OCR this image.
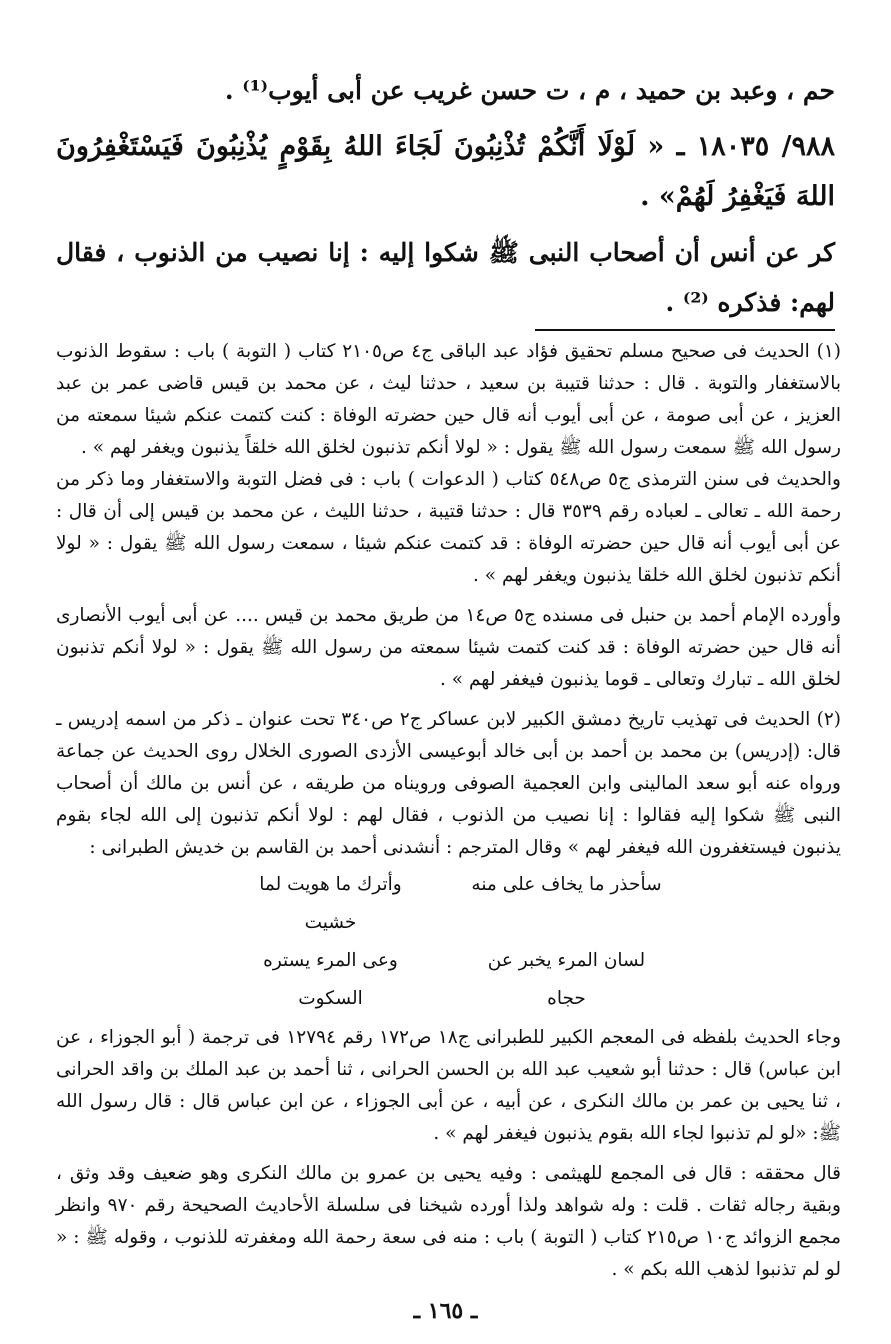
حم ، وعبد بن حميد ، م ، ت حسن غريب عن أبى أيوب⁽¹⁾ .

٩٨٨/ ١٨٠٣٥ ـ « لَوْلَا أَنَّكُمْ تُذْنِبُونَ لَجَاءَ اللهُ بِقَوْمٍ يُذْنِبُونَ فَيَسْتَغْفِرُونَ اللهَ فَيَغْفِرُ لَهُمْ» .

كر عن أنس أن أصحاب النبى ﷺ شكوا إليه : إنا نصيب من الذنوب ، فقال لهم: فذكره ⁽²⁾ .

(١) الحديث فى صحيح مسلم تحقيق فؤاد عبد الباقى ج٤ ص٢١٠٥ كتاب ( التوبة ) باب : سقوط الذنوب بالاستغفار والتوبة . قال : حدثنا قتيبة بن سعيد ، حدثنا ليث ، عن محمد بن قيس قاضى عمر بن عبد العزيز ، عن أبى صومة ، عن أبى أيوب أنه قال حين حضرته الوفاة : كنت كتمت عنكم شيئا سمعته من رسول الله ﷺ سمعت رسول الله ﷺ يقول : « لولا أنكم تذنبون لخلق الله خلقاً يذنبون ويغفر لهم » .

والحديث فى سنن الترمذى ج٥ ص٥٤٨ كتاب ( الدعوات ) باب : فى فضل التوبة والاستغفار وما ذكر من رحمة الله ـ تعالى ـ لعباده رقم ٣٥٣٩ قال : حدثنا قتيبة ، حدثنا الليث ، عن محمد بن قيس إلى أن قال : عن أبى أيوب أنه قال حين حضرته الوفاة : قد كتمت عنكم شيئا ، سمعت رسول الله ﷺ يقول : « لولا أنكم تذنبون لخلق الله خلقا يذنبون ويغفر لهم » .

وأورده الإمام أحمد بن حنبل فى مسنده ج٥ ص١٤ من طريق محمد بن قيس .... عن أبى أيوب الأنصارى أنه قال حين حضرته الوفاة : قد كنت كتمت شيئا سمعته من رسول الله ﷺ يقول : « لولا أنكم تذنبون لخلق الله ـ تبارك وتعالى ـ قوما يذنبون فيغفر لهم » .

(٢) الحديث فى تهذيب تاريخ دمشق الكبير لابن عساكر ج٢ ص٣٤٠ تحت عنوان ـ ذكر من اسمه إدريس ـ قال: (إدريس) بن محمد بن أحمد بن أبى خالد أبوعيسى الأزدى الصورى الخلال روى الحديث عن جماعة ورواه عنه أبو سعد المالينى وابن العجمية الصوفى ورويناه من طريقه ، عن أنس بن مالك أن أصحاب النبى ﷺ شكوا إليه فقالوا : إنا نصيب من الذنوب ، فقال لهم : لولا أنكم تذنبون إلى الله لجاء بقوم يذنبون فيستغفرون الله فيغفر لهم » وقال المترجم : أنشدنى أحمد بن القاسم بن خديش الطبرانى :

سأحذر ما يخاف على منه
وأترك ما هويت لما خشيت
لسان المرء يخبر عن حجاه
وعى المرء يستره السكوت

وجاء الحديث بلفظه فى المعجم الكبير للطبرانى ج١٨ ص١٧٢ رقم ١٢٧٩٤ فى ترجمة ( أبو الجوزاء ، عن ابن عباس) قال : حدثنا أبو شعيب عبد الله بن الحسن الحرانى ، ثنا أحمد بن عبد الملك بن واقد الحرانى ، ثنا يحيى بن عمر بن مالك النكرى ، عن أبيه ، عن أبى الجوزاء ، عن ابن عباس قال : قال رسول الله ﷺ: «لو لم تذنبوا لجاء الله بقوم يذنبون فيغفر لهم » .

قال محققه : قال فى المجمع للهيثمى : وفيه يحيى بن عمرو بن مالك النكرى وهو ضعيف وقد وثق ، وبقية رجاله ثقات . قلت : وله شواهد ولذا أورده شيخنا فى سلسلة الأحاديث الصحيحة رقم ٩٧٠ وانظر مجمع الزوائد ج١٠ ص٢١٥ كتاب ( التوبة ) باب : منه فى سعة رحمة الله ومغفرته للذنوب ، وقوله ﷺ : « لو لم تذنبوا لذهب الله بكم » .

ـ ١٦٥ ـ
